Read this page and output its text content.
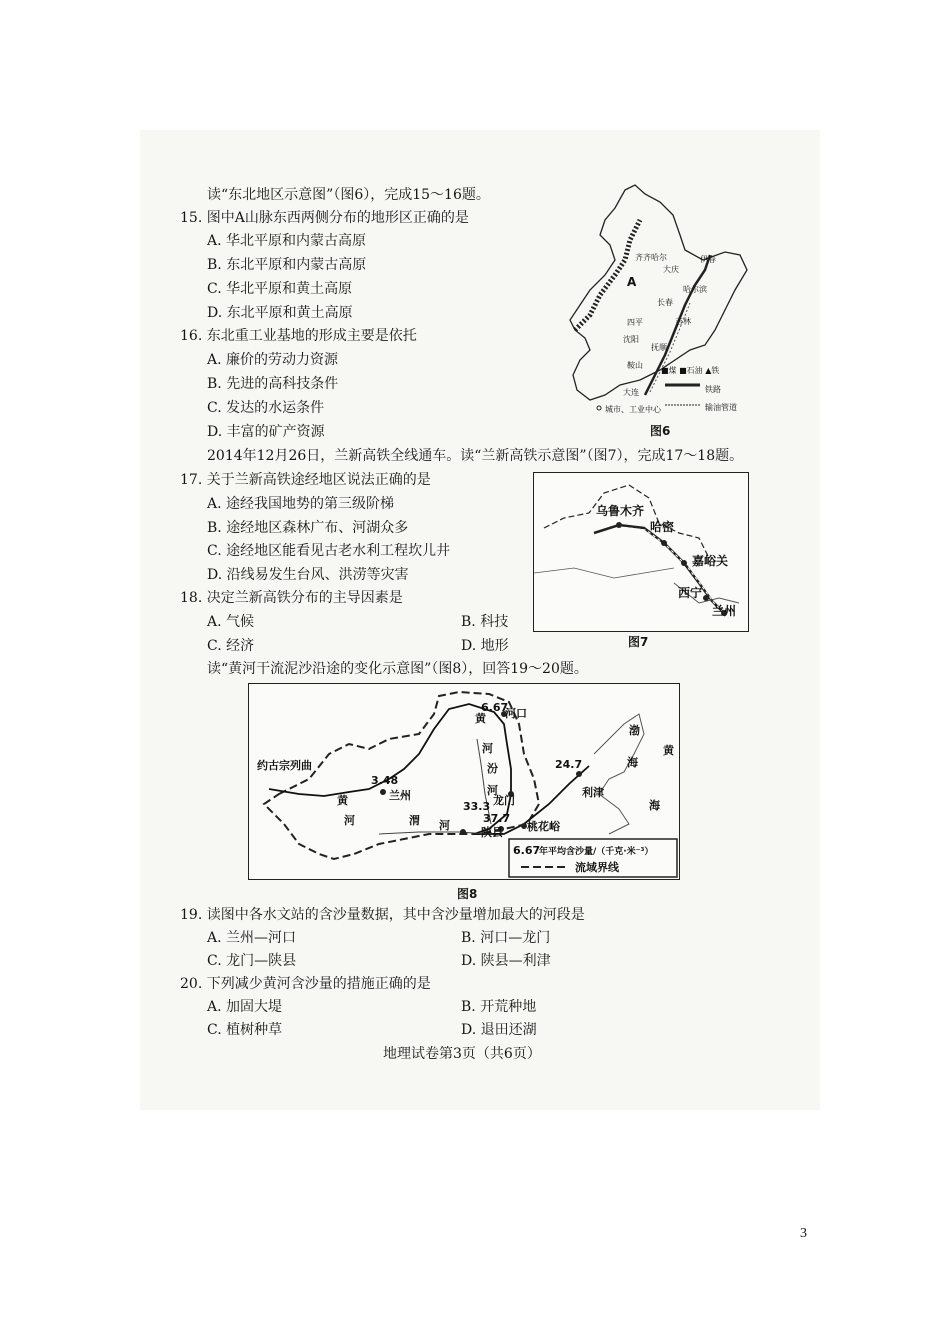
读“东北地区示意图”（图6），完成15～16题。
15. 图中A山脉东西两侧分布的地形区正确的是
A. 华北平原和内蒙古高原
B. 东北平原和内蒙古高原
C. 华北平原和黄土高原
D. 东北平原和黄土高原
16. 东北重工业基地的形成主要是依托
A. 廉价的劳动力资源
B. 先进的高科技条件
C. 发达的水运条件
D. 丰富的矿产资源
齐齐哈尔
大庆
伊春
哈尔滨
长春
吉林
四平
沈阳
抚顺
鞍山
大连
■煤 ■石油 ▲铁
铁路
城市、工业中心	输油管道
A
图6
2014年12月26日，兰新高铁全线通车。读“兰新高铁示意图”（图7），完成17～18题。
17. 关于兰新高铁途经地区说法正确的是
A. 途经我国地势的第三级阶梯
B. 途经地区森林广布、河湖众多
C. 途经地区能看见古老水利工程坎儿井
D. 沿线易发生台风、洪涝等灾害
18. 决定兰新高铁分布的主导因素是
A. 气候	B. 科技
C. 经济	D. 地形
乌鲁木齐
哈密
嘉峪关
西宁
兰州
图7
读“黄河干流泥沙沿途的变化示意图”（图8），回答19～20题。
约古宗列曲
兰州
河口
龙门
陕县 桃花峪
利津
黄
河
汾
河
黄
河	渭 河
渤
海
黄
海
3.48
6.67
33.3
37.7
24.7
6.67
年平均含沙量/（千克·米⁻³）
流域界线
图8
19. 读图中各水文站的含沙量数据，其中含沙量增加最大的河段是
A. 兰州—河口	B. 河口—龙门
C. 龙门—陕县	D. 陕县—利津
20. 下列减少黄河含沙量的措施正确的是
A. 加固大堤	B. 开荒种地
C. 植树种草	D. 退田还湖
地理试卷第3页（共6页）
3
